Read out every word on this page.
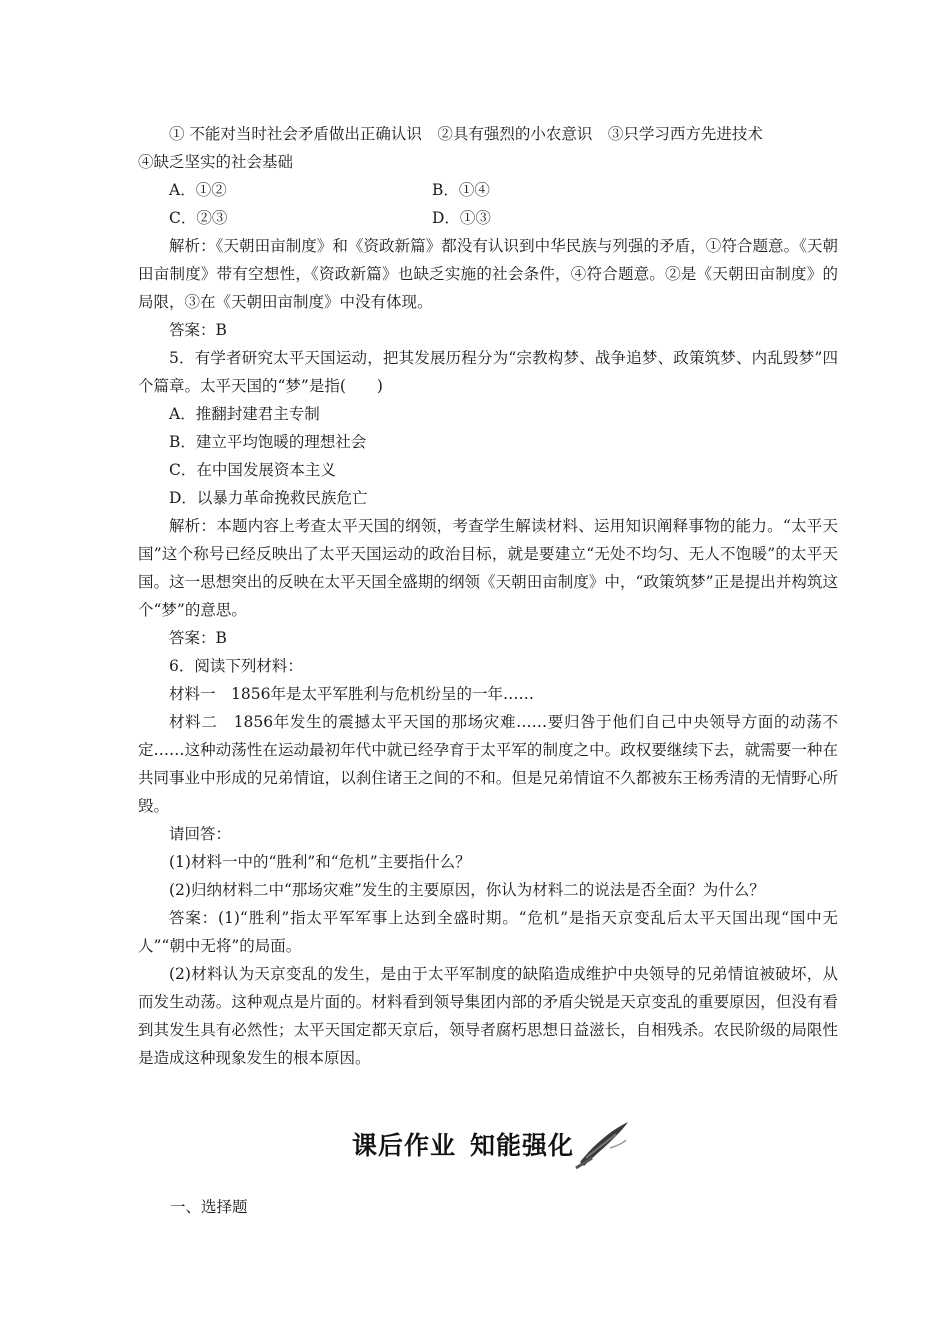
① 不能对当时社会矛盾做出正确认识　②具有强烈的小农意识　③只学习西方先进技术

④缺乏坚实的社会基础

A．①②	B．①④
C．②③	D．①③

解析：《天朝田亩制度》和《资政新篇》都没有认识到中华民族与列强的矛盾，①符合题意。《天朝田亩制度》带有空想性，《资政新篇》也缺乏实施的社会条件，④符合题意。②是《天朝田亩制度》的局限，③在《天朝田亩制度》中没有体现。

答案：B

5．有学者研究太平天国运动，把其发展历程分为“宗教构梦、战争追梦、政策筑梦、内乱毁梦”四个篇章。太平天国的“梦”是指(　　)

A．推翻封建君主专制

B．建立平均饱暖的理想社会

C．在中国发展资本主义

D．以暴力革命挽救民族危亡

解析：本题内容上考查太平天国的纲领，考查学生解读材料、运用知识阐释事物的能力。“太平天国”这个称号已经反映出了太平天国运动的政治目标，就是要建立“无处不均匀、无人不饱暖”的太平天国。这一思想突出的反映在太平天国全盛期的纲领《天朝田亩制度》中，“政策筑梦”正是提出并构筑这个“梦”的意思。

答案：B

6．阅读下列材料：

材料一　1856年是太平军胜利与危机纷呈的一年……

材料二　1856年发生的震撼太平天国的那场灾难……要归咎于他们自己中央领导方面的动荡不定……这种动荡性在运动最初年代中就已经孕育于太平军的制度之中。政权要继续下去，就需要一种在共同事业中形成的兄弟情谊，以刹住诸王之间的不和。但是兄弟情谊不久都被东王杨秀清的无情野心所毁。

请回答：

(1)材料一中的“胜利”和“危机”主要指什么？

(2)归纳材料二中“那场灾难”发生的主要原因，你认为材料二的说法是否全面？为什么？

答案：(1)“胜利”指太平军军事上达到全盛时期。“危机”是指天京变乱后太平天国出现“国中无人”“朝中无将”的局面。

(2)材料认为天京变乱的发生，是由于太平军制度的缺陷造成维护中央领导的兄弟情谊被破坏，从而发生动荡。这种观点是片面的。材料看到领导集团内部的矛盾尖锐是天京变乱的重要原因，但没有看到其发生具有必然性；太平天国定都天京后，领导者腐朽思想日益滋长，自相残杀。农民阶级的局限性是造成这种现象发生的根本原因。

课后作业 知能强化

一、选择题
